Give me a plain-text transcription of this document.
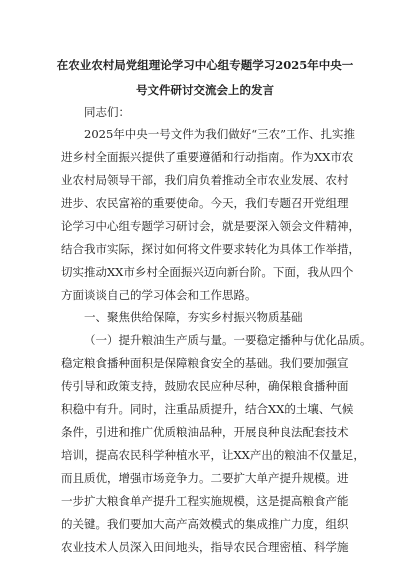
在农业农村局党组理论学习中心组专题学习2025年中央一
号文件研讨交流会上的发言
同志们：
2025年中央一号文件为我们做好“三农”工作、扎实推
进乡村全面振兴提供了重要遵循和行动指南。作为XX市农
业农村局领导干部，我们肩负着推动全市农业发展、农村
进步、农民富裕的重要使命。今天，我们专题召开党组理
论学习中心组专题学习研讨会，就是要深入领会文件精神，
结合我市实际，探讨如何将文件要求转化为具体工作举措，
切实推动XX市乡村全面振兴迈向新台阶。下面，我从四个
方面谈谈自己的学习体会和工作思路。
一、聚焦供给保障，夯实乡村振兴物质基础
（一）提升粮油生产质与量。一要稳定播种与优化品质。
稳定粮食播种面积是保障粮食安全的基础。我们要加强宣
传引导和政策支持，鼓励农民应种尽种，确保粮食播种面
积稳中有升。同时，注重品质提升，结合XX的土壤、气候
条件，引进和推广优质粮油品种，开展良种良法配套技术
培训，提高农民科学种植水平，让XX产出的粮油不仅量足，
而且质优，增强市场竞争力。二要扩大单产提升规模。进
一步扩大粮食单产提升工程实施规模，这是提高粮食产能
的关键。我们要加大高产高效模式的集成推广力度，组织
农业技术人员深入田间地头，指导农民合理密植、科学施
